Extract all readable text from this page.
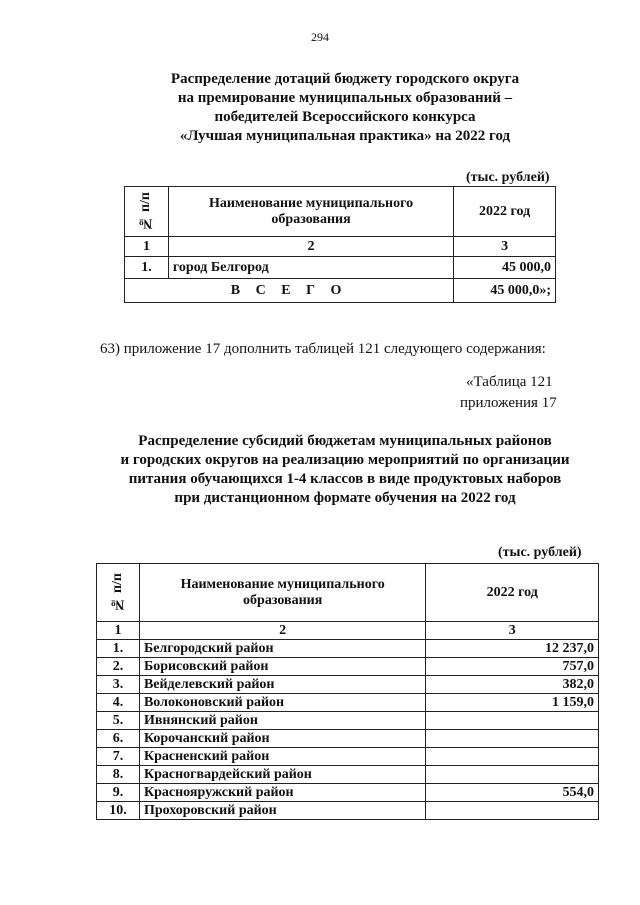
294
Распределение дотаций бюджету городского округа
на премирование муниципальных образований –
победителей Всероссийского конкурса
«Лучшая муниципальная практика» на 2022 год
(тыс. рублей)
№ п/п	Наименование муниципального образования	2022 год
1	2	3
1.	город Белгород	45 000,0
В С Е Г О		45 000,0»;
63) приложение 17 дополнить таблицей 121 следующего содержания:
«Таблица 121
приложения 17
Распределение субсидий бюджетам муниципальных районов
и городских округов на реализацию мероприятий по организации
питания обучающихся 1-4 классов в виде продуктовых наборов
при дистанционном формате обучения на 2022 год
(тыс. рублей)
№ п/п	Наименование муниципального образования	2022 год
1	2	3
1.	Белгородский район	12 237,0
2.	Борисовский район	757,0
3.	Вейделевский район	382,0
4.	Волоконовский район	1 159,0
5.	Ивнянский район	
6.	Корочанский район	
7.	Красненский район	
8.	Красногвардейский район	
9.	Краснояружский район	554,0
10.	Прохоровский район	
